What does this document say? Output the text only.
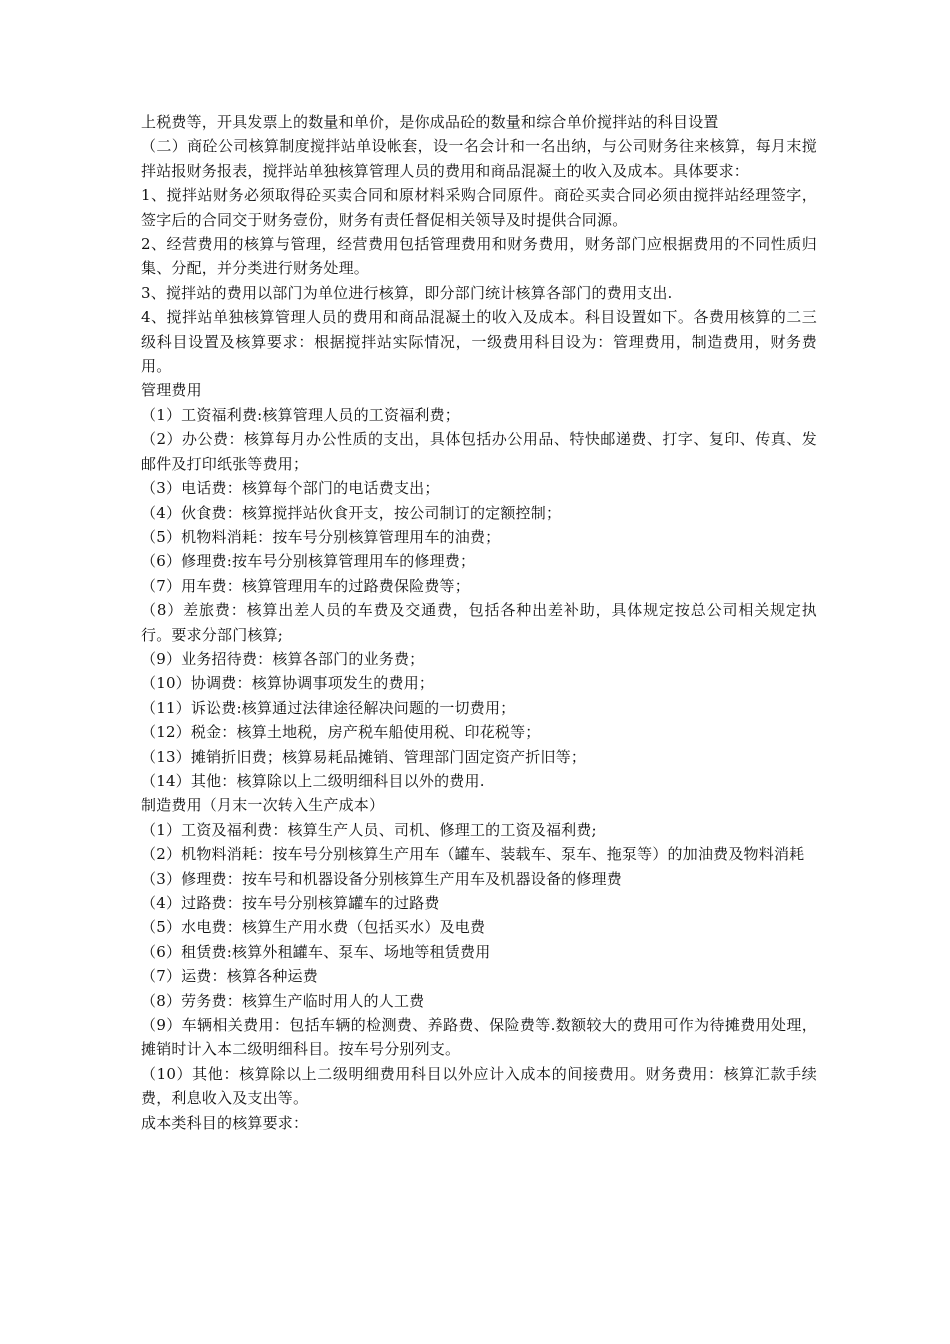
上税费等，开具发票上的数量和单价，是你成品砼的数量和综合单价搅拌站的科目设置

（二）商砼公司核算制度搅拌站单设帐套，设一名会计和一名出纳，与公司财务往来核算，每月末搅拌站报财务报表，搅拌站单独核算管理人员的费用和商品混凝土的收入及成本。具体要求：

1、搅拌站财务必须取得砼买卖合同和原材料采购合同原件。商砼买卖合同必须由搅拌站经理签字，签字后的合同交于财务壹份，财务有责任督促相关领导及时提供合同源。

2、经营费用的核算与管理，经营费用包括管理费用和财务费用，财务部门应根据费用的不同性质归集、分配，并分类进行财务处理。

3、搅拌站的费用以部门为单位进行核算，即分部门统计核算各部门的费用支出.

4、搅拌站单独核算管理人员的费用和商品混凝土的收入及成本。科目设置如下。各费用核算的二三级科目设置及核算要求：根据搅拌站实际情况，一级费用科目设为：管理费用，制造费用，财务费用。

管理费用

（1）工资福利费:核算管理人员的工资福利费；

（2）办公费：核算每月办公性质的支出，具体包括办公用品、特快邮递费、打字、复印、传真、发邮件及打印纸张等费用；

（3）电话费：核算每个部门的电话费支出；

（4）伙食费：核算搅拌站伙食开支，按公司制订的定额控制；

（5）机物料消耗：按车号分别核算管理用车的油费；

（6）修理费:按车号分别核算管理用车的修理费；

（7）用车费：核算管理用车的过路费保险费等；

（8）差旅费：核算出差人员的车费及交通费，包括各种出差补助，具体规定按总公司相关规定执行。要求分部门核算;

（9）业务招待费：核算各部门的业务费；

（10）协调费：核算协调事项发生的费用；

（11）诉讼费:核算通过法律途径解决问题的一切费用；

（12）税金：核算土地税，房产税车船使用税、印花税等；

（13）摊销折旧费；核算易耗品摊销、管理部门固定资产折旧等；

（14）其他：核算除以上二级明细科目以外的费用.

制造费用（月末一次转入生产成本）

（1）工资及福利费：核算生产人员、司机、修理工的工资及福利费;

（2）机物料消耗：按车号分别核算生产用车（罐车、装载车、泵车、拖泵等）的加油费及物料消耗

（3）修理费：按车号和机器设备分别核算生产用车及机器设备的修理费

（4）过路费：按车号分别核算罐车的过路费

（5）水电费：核算生产用水费（包括买水）及电费

（6）租赁费:核算外租罐车、泵车、场地等租赁费用

（7）运费：核算各种运费

（8）劳务费：核算生产临时用人的人工费

（9）车辆相关费用：包括车辆的检测费、养路费、保险费等.数额较大的费用可作为待摊费用处理，摊销时计入本二级明细科目。按车号分别列支。

（10）其他：核算除以上二级明细费用科目以外应计入成本的间接费用。财务费用：核算汇款手续费，利息收入及支出等。

成本类科目的核算要求：
